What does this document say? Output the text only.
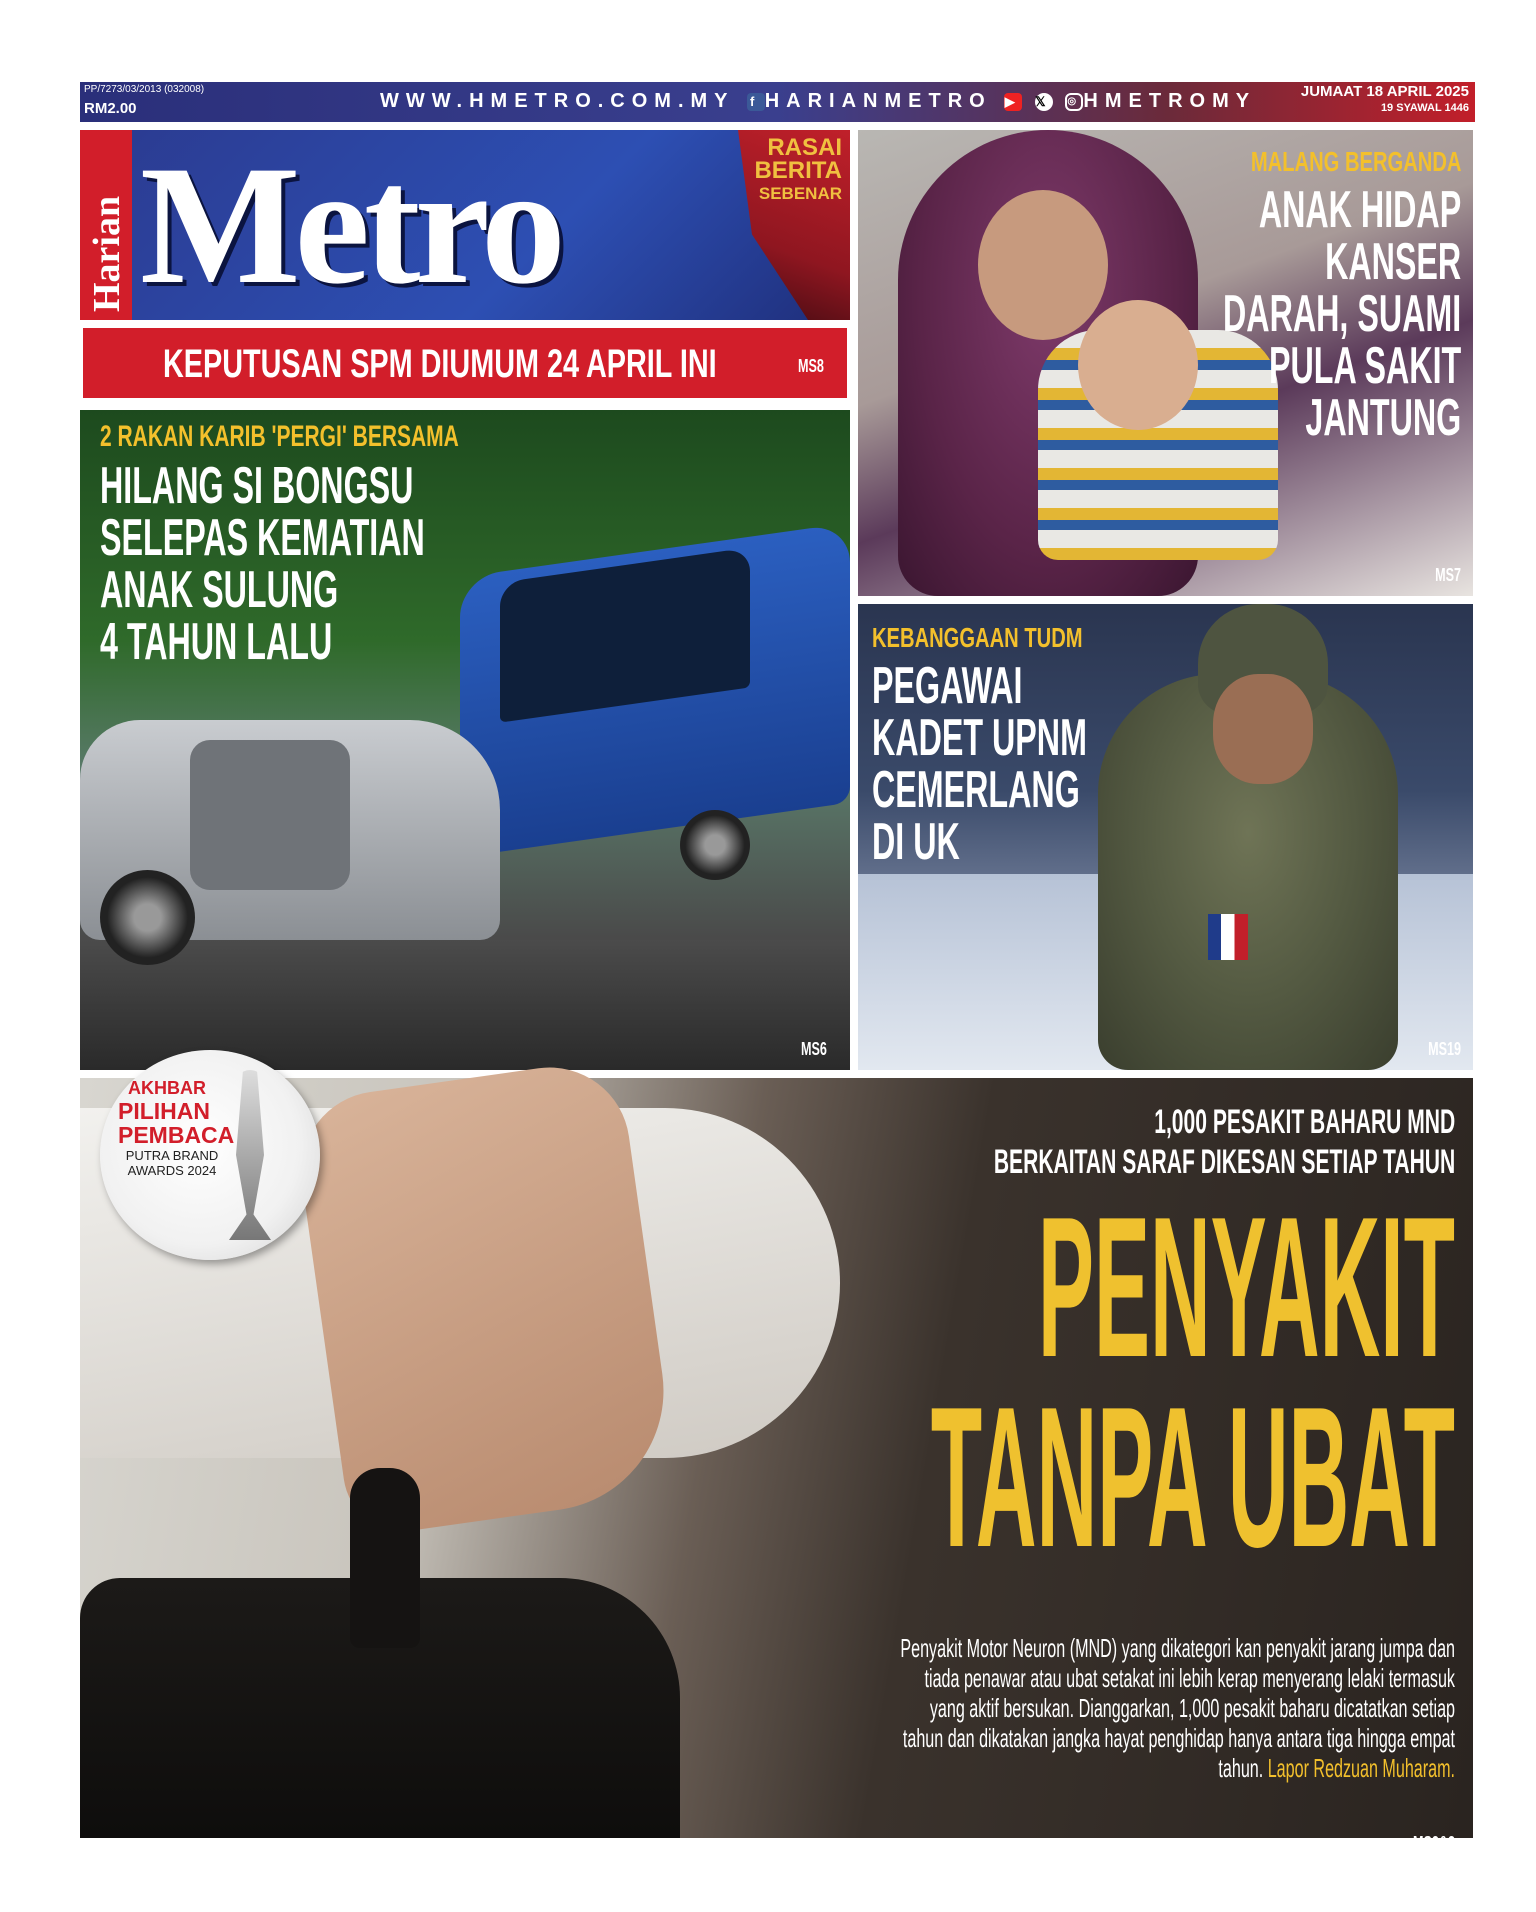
PP/7273/03/2013 (032008)
RM2.00	WWW.HMETRO.COM.MY f HARIANMETRO ▶ 𝕏 ◎HMETROMY	JUMAAT 18 APRIL 2025
19 SYAWAL 1446
Harian Metro	RASAI
BERITA
SEBENAR
KEPUTUSAN SPM DIUMUM 24 APRIL INI	MS8
2 RAKAN KARIB 'PERGI' BERSAMA
HILANG SI BONGSU
SELEPAS KEMATIAN
ANAK SULUNG
4 TAHUN LALU
MS6
MALANG BERGANDA
ANAK HIDAP
KANSER
DARAH, SUAMI
PULA SAKIT
JANTUNG
MS7
KEBANGGAAN TUDM
PEGAWAI
KADET UPNM
CEMERLANG
DI UK
MS19
1,000 PESAKIT BAHARU MND
BERKAITAN SARAF DIKESAN SETIAP TAHUN
PENYAKIT
TANPA UBAT
Penyakit Motor Neuron (MND) yang dikategori kan penyakit jarang jumpa dan tiada penawar atau ubat setakat ini lebih kerap menyerang lelaki termasuk yang aktif bersukan. Dianggarkan, 1,000 pesakit baharu dicatatkan setiap tahun dan dikatakan jangka hayat penghidap hanya antara tiga hingga empat tahun. Lapor Redzuan Muharam.
MS2&3
AKHBAR
PILIHAN
PEMBACA
PUTRA BRAND AWARDS 2024
